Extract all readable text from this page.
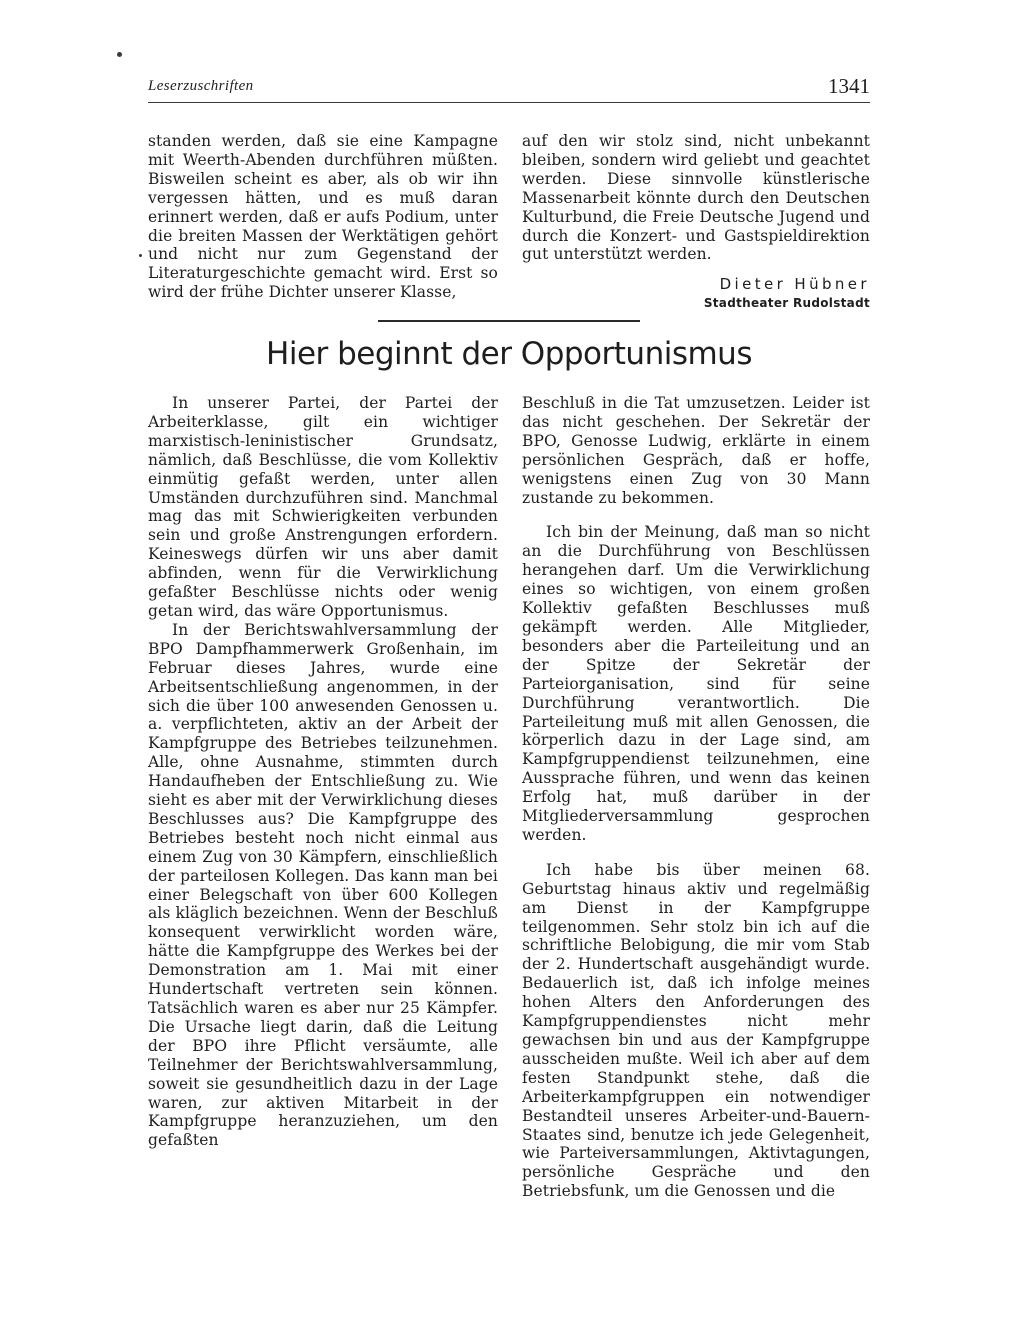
Leserzuschriften	1341

standen werden, daß sie eine Kampagne mit Weerth-Abenden durchführen müßten. Bisweilen scheint es aber, als ob wir ihn vergessen hätten, und es muß daran erinnert werden, daß er aufs Podium, unter die breiten Massen der Werktätigen gehört und nicht nur zum Gegenstand der Literaturgeschichte gemacht wird. Erst so wird der frühe Dichter unserer Klasse,

auf den wir stolz sind, nicht unbekannt bleiben, sondern wird geliebt und geachtet werden. Diese sinnvolle künstlerische Massenarbeit könnte durch den Deutschen Kulturbund, die Freie Deutsche Jugend und durch die Konzert- und Gastspieldirektion gut unterstützt werden.

Dieter Hübner
Stadtheater Rudolstadt
Hier beginnt der Opportunismus

In unserer Partei, der Partei der Arbeiterklasse, gilt ein wichtiger marxistisch-leninistischer Grundsatz, nämlich, daß Beschlüsse, die vom Kollektiv einmütig gefaßt werden, unter allen Umständen durchzuführen sind. Manchmal mag das mit Schwierigkeiten verbunden sein und große Anstrengungen erfordern. Keineswegs dürfen wir uns aber damit abfinden, wenn für die Verwirklichung gefaßter Beschlüsse nichts oder wenig getan wird, das wäre Opportunismus.

In der Berichtswahlversammlung der BPO Dampfhammerwerk Großenhain, im Februar dieses Jahres, wurde eine Arbeitsentschließung angenommen, in der sich die über 100 anwesenden Genossen u. a. verpflichteten, aktiv an der Arbeit der Kampfgruppe des Betriebes teilzunehmen. Alle, ohne Ausnahme, stimmten durch Handaufheben der Entschließung zu. Wie sieht es aber mit der Verwirklichung dieses Beschlusses aus? Die Kampfgruppe des Betriebes besteht noch nicht einmal aus einem Zug von 30 Kämpfern, einschließlich der parteilosen Kollegen. Das kann man bei einer Belegschaft von über 600 Kollegen als kläglich bezeichnen. Wenn der Beschluß konsequent verwirklicht worden wäre, hätte die Kampfgruppe des Werkes bei der Demonstration am 1. Mai mit einer Hundertschaft vertreten sein können. Tatsächlich waren es aber nur 25 Kämpfer. Die Ursache liegt darin, daß die Leitung der BPO ihre Pflicht versäumte, alle Teilnehmer der Berichtswahlversammlung, soweit sie gesundheitlich dazu in der Lage waren, zur aktiven Mitarbeit in der Kampfgruppe heranzuziehen, um den gefaßten

Beschluß in die Tat umzusetzen. Leider ist das nicht geschehen. Der Sekretär der BPO, Genosse Ludwig, erklärte in einem persönlichen Gespräch, daß er hoffe, wenigstens einen Zug von 30 Mann zustande zu bekommen.

Ich bin der Meinung, daß man so nicht an die Durchführung von Beschlüssen herangehen darf. Um die Verwirklichung eines so wichtigen, von einem großen Kollektiv gefaßten Beschlusses muß gekämpft werden. Alle Mitglieder, besonders aber die Parteileitung und an der Spitze der Sekretär der Parteiorganisation, sind für seine Durchführung verantwortlich. Die Parteileitung muß mit allen Genossen, die körperlich dazu in der Lage sind, am Kampfgruppendienst teilzunehmen, eine Aussprache führen, und wenn das keinen Erfolg hat, muß darüber in der Mitgliederversammlung gesprochen werden.

Ich habe bis über meinen 68. Geburtstag hinaus aktiv und regelmäßig am Dienst in der Kampfgruppe teilgenommen. Sehr stolz bin ich auf die schriftliche Belobigung, die mir vom Stab der 2. Hundertschaft ausgehändigt wurde. Bedauerlich ist, daß ich infolge meines hohen Alters den Anforderungen des Kampfgruppendienstes nicht mehr gewachsen bin und aus der Kampfgruppe ausscheiden mußte. Weil ich aber auf dem festen Standpunkt stehe, daß die Arbeiterkampfgruppen ein notwendiger Bestandteil unseres Arbeiter-und-Bauern-Staates sind, benutze ich jede Gelegenheit, wie Parteiversammlungen, Aktivtagungen, persönliche Gespräche und den Betriebsfunk, um die Genossen und die
